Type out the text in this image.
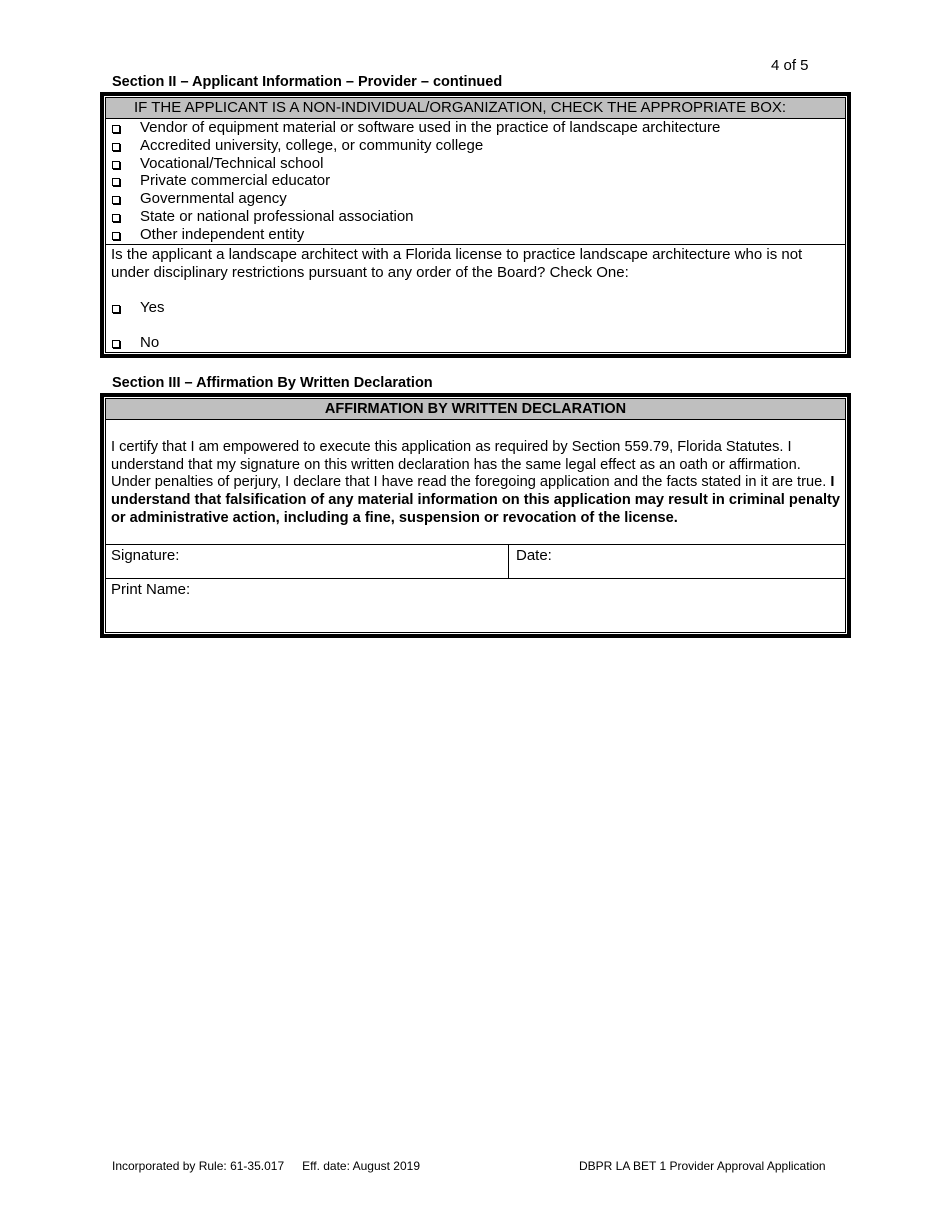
4 of 5
Section II – Applicant Information – Provider – continued
IF THE APPLICANT IS A NON-INDIVIDUAL/ORGANIZATION, CHECK THE APPROPRIATE BOX:
Vendor of equipment material or software used in the practice of landscape architecture
Accredited university, college, or community college
Vocational/Technical school
Private commercial educator
Governmental agency
State or national professional association
Other independent entity
Is the applicant a landscape architect with a Florida license to practice landscape architecture who is not under disciplinary restrictions pursuant to any order of the Board? Check One:
Yes
No
Section III – Affirmation By Written Declaration
AFFIRMATION BY WRITTEN DECLARATION
I certify that I am empowered to execute this application as required by Section 559.79, Florida Statutes. I understand that my signature on this written declaration has the same legal effect as an oath or affirmation. Under penalties of perjury, I declare that I have read the foregoing application and the facts stated in it are true. I understand that falsification of any material information on this application may result in criminal penalty or administrative action, including a fine, suspension or revocation of the license.
Signature:	Date:
Print Name:
Incorporated by Rule: 61-35.017 Eff. date: August 2019	DBPR LA BET 1 Provider Approval Application
